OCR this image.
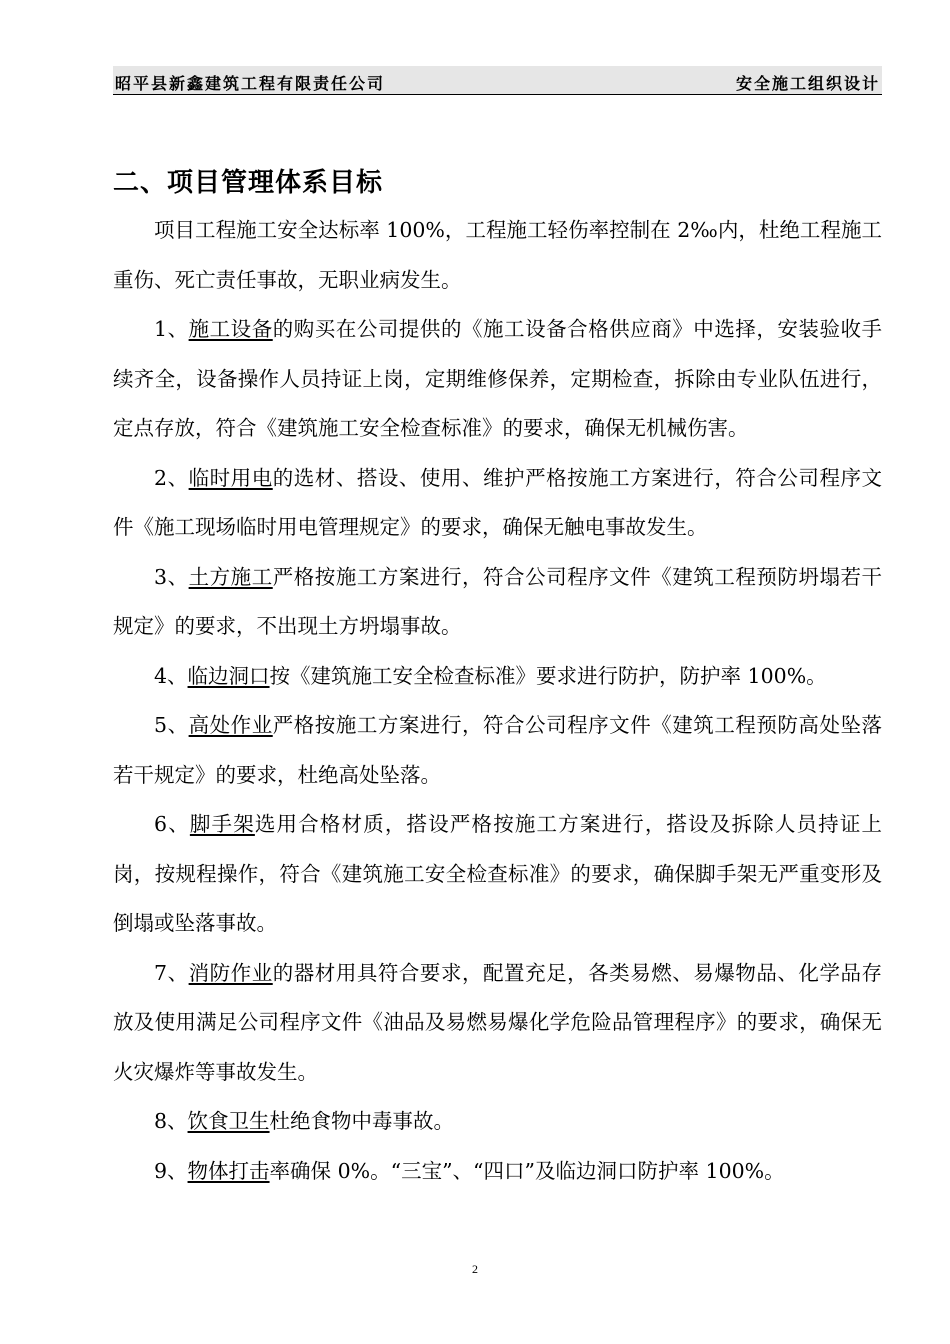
昭平县新鑫建筑工程有限责任公司	安全施工组织设计
二、项目管理体系目标

项目工程施工安全达标率 100%，工程施工轻伤率控制在 2‰内，杜绝工程施工重伤、死亡责任事故，无职业病发生。

1、施工设备的购买在公司提供的《施工设备合格供应商》中选择，安装验收手续齐全，设备操作人员持证上岗，定期维修保养，定期检查，拆除由专业队伍进行，定点存放，符合《建筑施工安全检查标准》的要求，确保无机械伤害。

2、临时用电的选材、搭设、使用、维护严格按施工方案进行，符合公司程序文件《施工现场临时用电管理规定》的要求，确保无触电事故发生。

3、土方施工严格按施工方案进行，符合公司程序文件《建筑工程预防坍塌若干规定》的要求，不出现土方坍塌事故。

4、临边洞口按《建筑施工安全检查标准》要求进行防护，防护率 100%。

5、高处作业严格按施工方案进行，符合公司程序文件《建筑工程预防高处坠落若干规定》的要求，杜绝高处坠落。

6、脚手架选用合格材质，搭设严格按施工方案进行，搭设及拆除人员持证上岗，按规程操作，符合《建筑施工安全检查标准》的要求，确保脚手架无严重变形及倒塌或坠落事故。

7、消防作业的器材用具符合要求，配置充足，各类易燃、易爆物品、化学品存放及使用满足公司程序文件《油品及易燃易爆化学危险品管理程序》的要求，确保无火灾爆炸等事故发生。

8、饮食卫生杜绝食物中毒事故。

9、物体打击率确保 0%。“三宝”、“四口”及临边洞口防护率 100%。

2
